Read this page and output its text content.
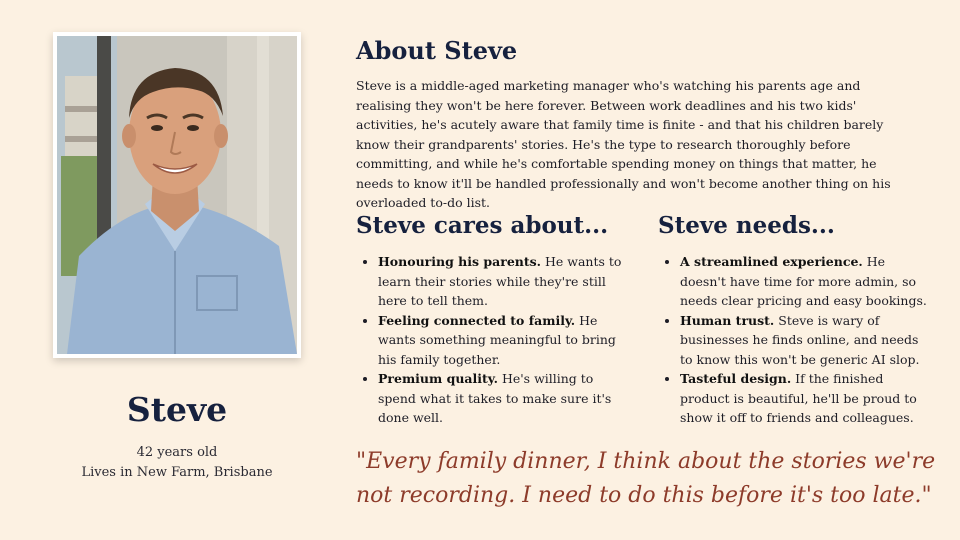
Steve
42 years old
Lives in New Farm, Brisbane
About Steve

Steve is a middle-aged marketing manager who's watching his parents age and realising they won't be here forever. Between work deadlines and his two kids' activities, he's acutely aware that family time is finite - and that his children barely know their grandparents' stories. He's the type to research thoroughly before committing, and while he's comfortable spending money on things that matter, he needs to know it'll be handled professionally and won't become another thing on his overloaded to-do list.

Steve cares about...
• Honouring his parents. He wants to learn their stories while they're still here to tell them.
• Feeling connected to family. He wants something meaningful to bring his family together.
• Premium quality. He's willing to spend what it takes to make sure it's done well.
Steve needs...
• A streamlined experience. He doesn't have time for more admin, so needs clear pricing and easy bookings.
• Human trust. Steve is wary of businesses he finds online, and needs to know this won't be generic AI slop.
• Tasteful design. If the finished product is beautiful, he'll be proud to show it off to friends and colleagues.

"Every family dinner, I think about the stories we're not recording. I need to do this before it's too late."
